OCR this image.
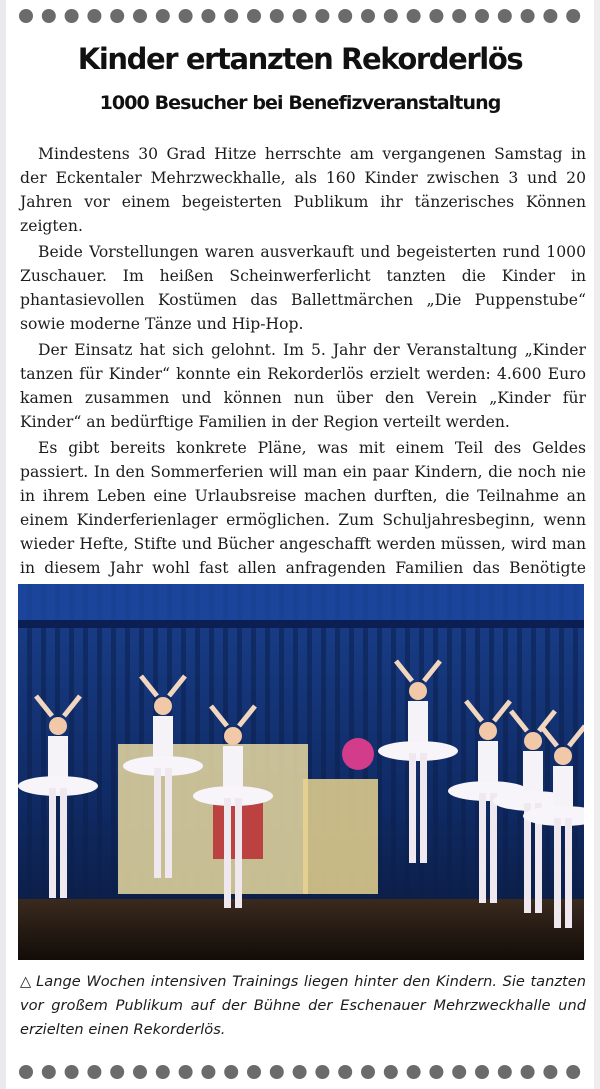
Kinder ertanzten Rekorderlös
1000 Besucher bei Benefizveranstaltung

Mindestens 30 Grad Hitze herrschte am vergangenen Samstag in der Eckentaler Mehrzweckhalle, als 160 Kinder zwischen 3 und 20 Jahren vor einem begeisterten Publikum ihr tänzerisches Können zeigten.

Beide Vorstellungen waren ausverkauft und begeisterten rund 1000 Zuschauer. Im heißen Scheinwerferlicht tanzten die Kinder in phantasievollen Kostümen das Ballettmärchen „Die Puppenstube“ sowie moderne Tänze und Hip-Hop.

Der Einsatz hat sich gelohnt. Im 5. Jahr der Veranstaltung „Kinder tanzen für Kinder“ konnte ein Rekorderlös erzielt werden: 4.600 Euro kamen zusammen und können nun über den Verein „Kinder für Kinder“ an bedürftige Familien in der Region verteilt werden.

Es gibt bereits konkrete Pläne, was mit einem Teil des Geldes passiert. In den Sommerferien will man ein paar Kindern, die noch nie in ihrem Leben eine Urlaubsreise machen durften, die Teilnahme an einem Kinderferienlager ermöglichen. Zum Schuljahresbeginn, wenn wieder Hefte, Stifte und Bücher angeschafft werden müssen, wird man in diesem Jahr wohl fast allen anfragenden Familien das Benötigte

△ Lange Wochen intensiven Trainings liegen hinter den Kindern. Sie tanzten vor großem Publikum auf der Bühne der Eschenauer Mehrzweckhalle und erzielten einen Rekorderlös.
